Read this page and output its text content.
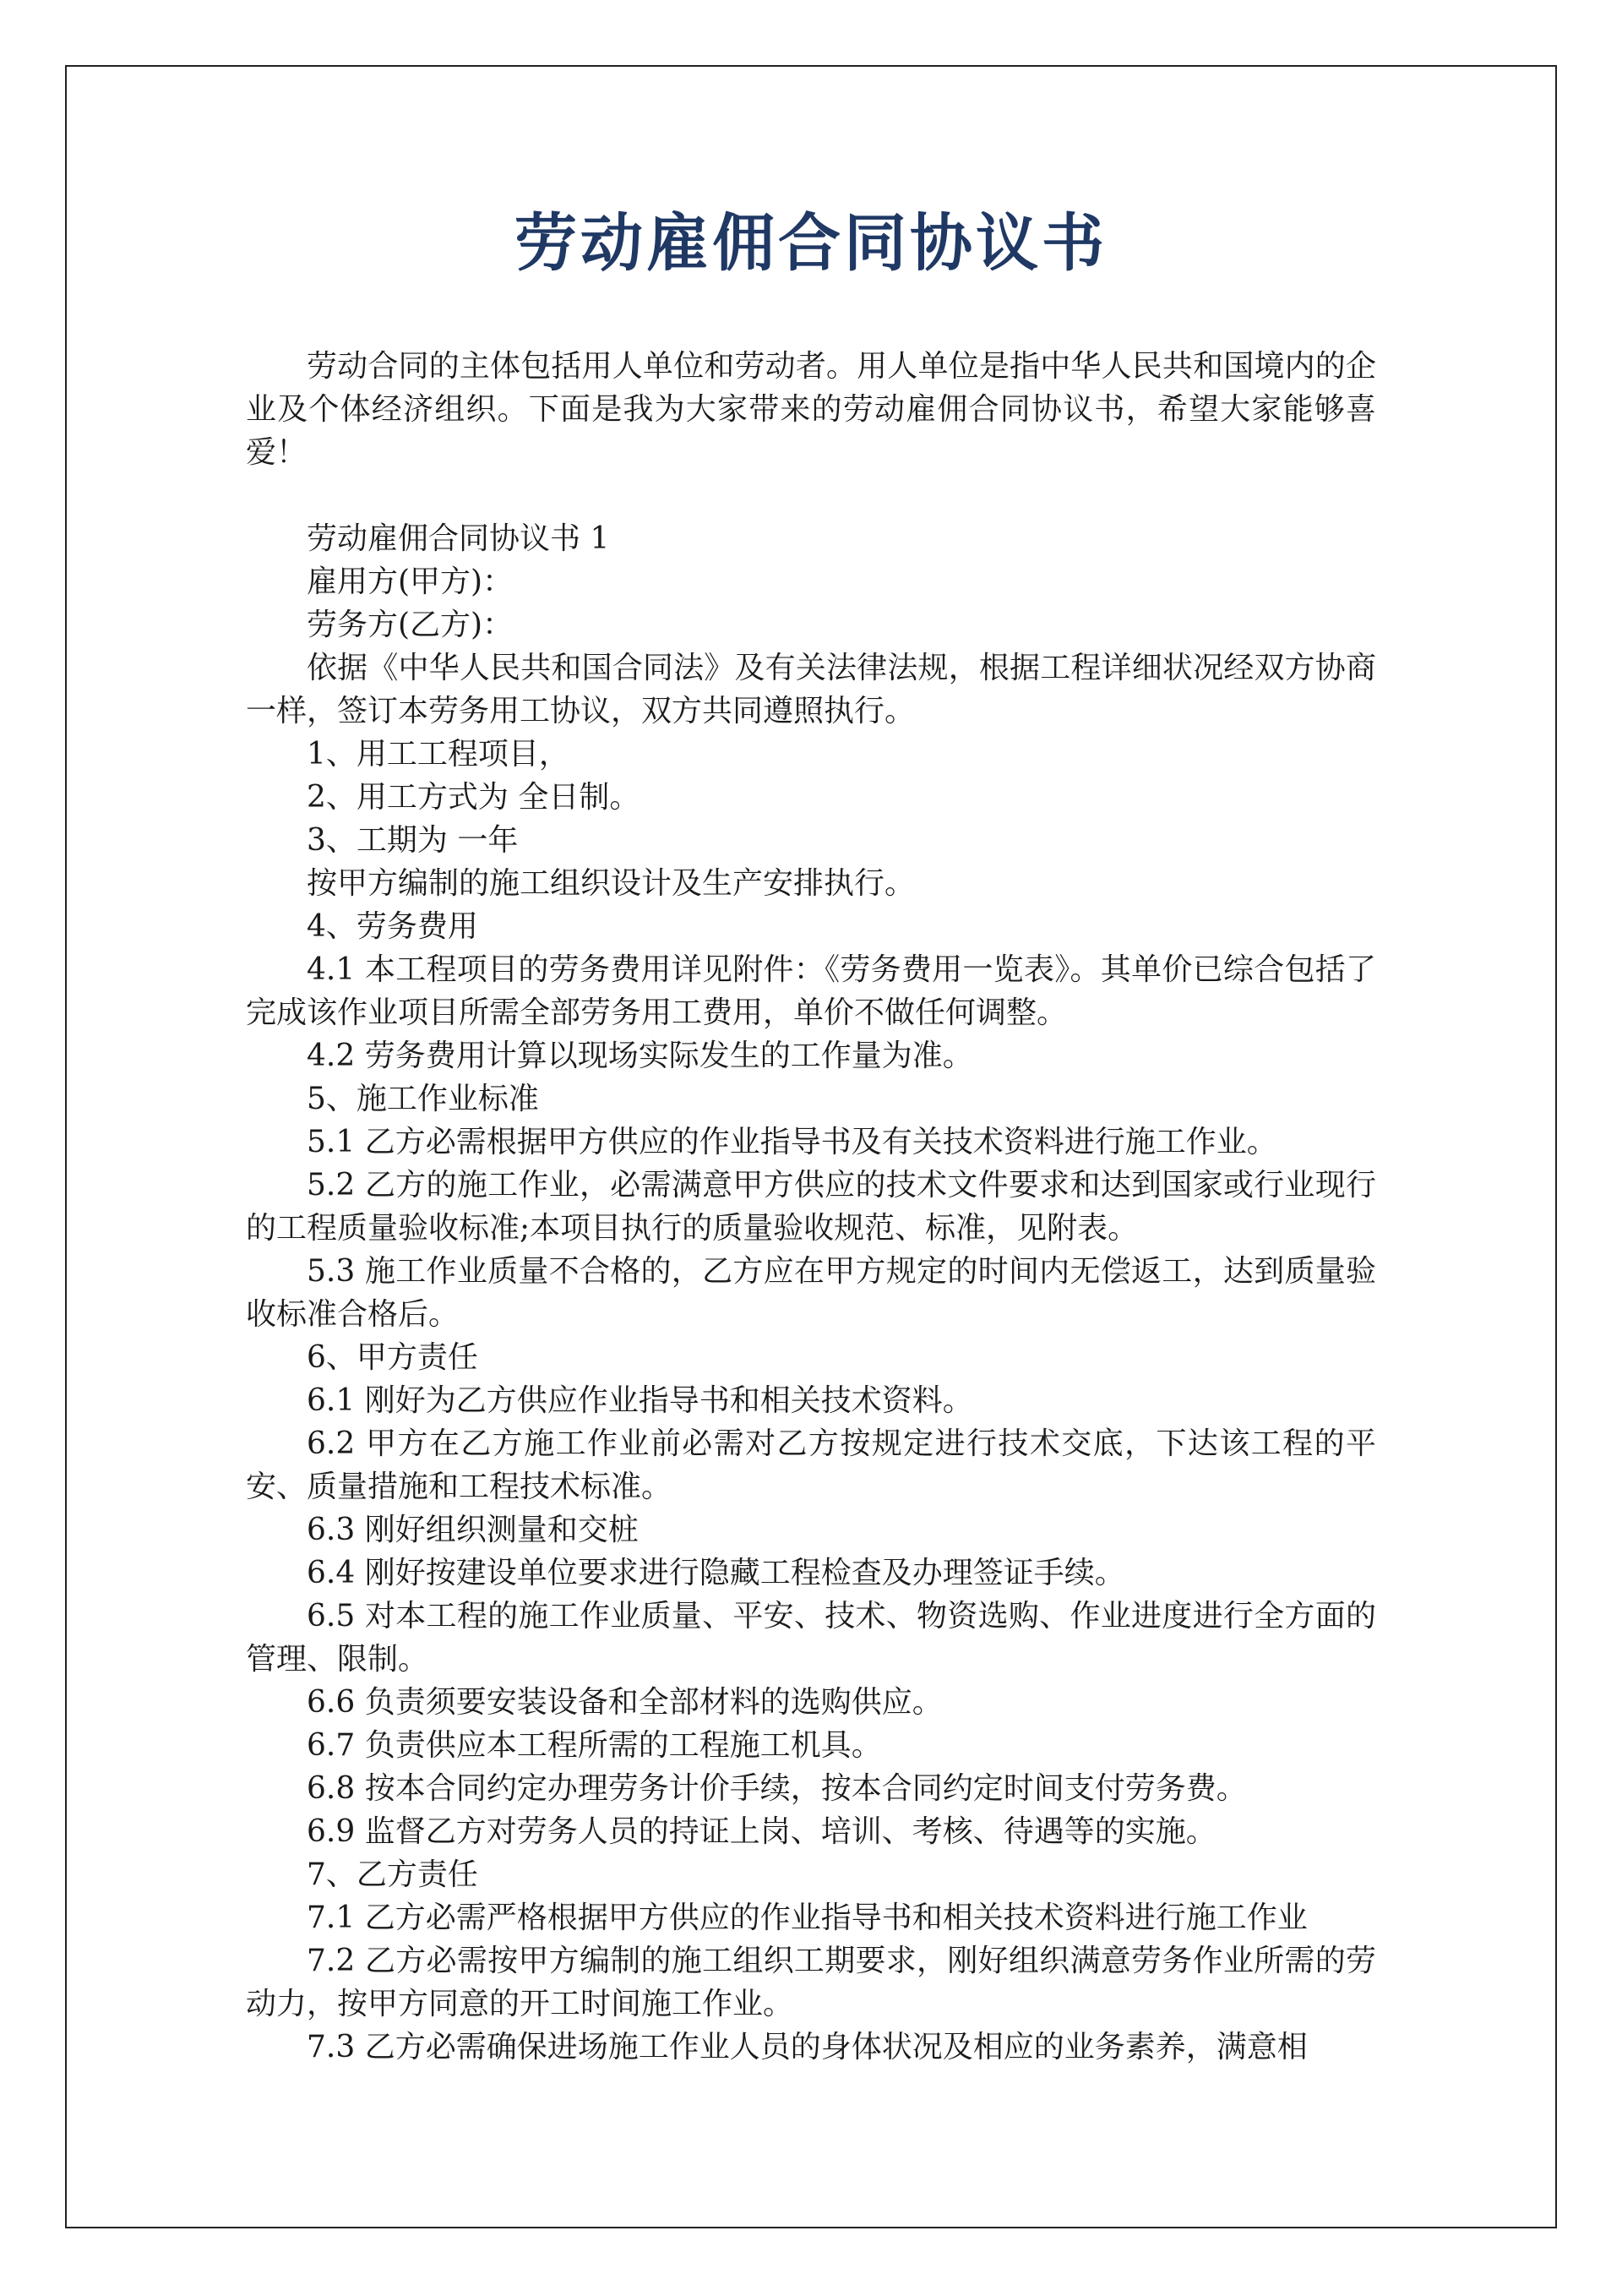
劳动雇佣合同协议书

劳动合同的主体包括用人单位和劳动者。用人单位是指中华人民共和国境内的企业及个体经济组织。下面是我为大家带来的劳动雇佣合同协议书，希望大家能够喜爱！

劳动雇佣合同协议书 1

雇用方(甲方)：

劳务方(乙方)：

依据《中华人民共和国合同法》及有关法律法规，根据工程详细状况经双方协商一样，签订本劳务用工协议，双方共同遵照执行。

1、用工工程项目，

2、用工方式为 全日制。

3、工期为 一年

按甲方编制的施工组织设计及生产安排执行。

4、劳务费用

4.1 本工程项目的劳务费用详见附件：《劳务费用一览表》。其单价已综合包括了完成该作业项目所需全部劳务用工费用，单价不做任何调整。

4.2 劳务费用计算以现场实际发生的工作量为准。

5、施工作业标准

5.1 乙方必需根据甲方供应的作业指导书及有关技术资料进行施工作业。

5.2 乙方的施工作业，必需满意甲方供应的技术文件要求和达到国家或行业现行的工程质量验收标准;本项目执行的质量验收规范、标准，见附表。

5.3 施工作业质量不合格的，乙方应在甲方规定的时间内无偿返工，达到质量验收标准合格后。

6、甲方责任

6.1 刚好为乙方供应作业指导书和相关技术资料。

6.2 甲方在乙方施工作业前必需对乙方按规定进行技术交底，下达该工程的平安、质量措施和工程技术标准。

6.3 刚好组织测量和交桩

6.4 刚好按建设单位要求进行隐藏工程检查及办理签证手续。

6.5 对本工程的施工作业质量、平安、技术、物资选购、作业进度进行全方面的管理、限制。

6.6 负责须要安装设备和全部材料的选购供应。

6.7 负责供应本工程所需的工程施工机具。

6.8 按本合同约定办理劳务计价手续，按本合同约定时间支付劳务费。

6.9 监督乙方对劳务人员的持证上岗、培训、考核、待遇等的实施。

7、乙方责任

7.1 乙方必需严格根据甲方供应的作业指导书和相关技术资料进行施工作业

7.2 乙方必需按甲方编制的施工组织工期要求，刚好组织满意劳务作业所需的劳动力，按甲方同意的开工时间施工作业。

7.3 乙方必需确保进场施工作业人员的身体状况及相应的业务素养，满意相
